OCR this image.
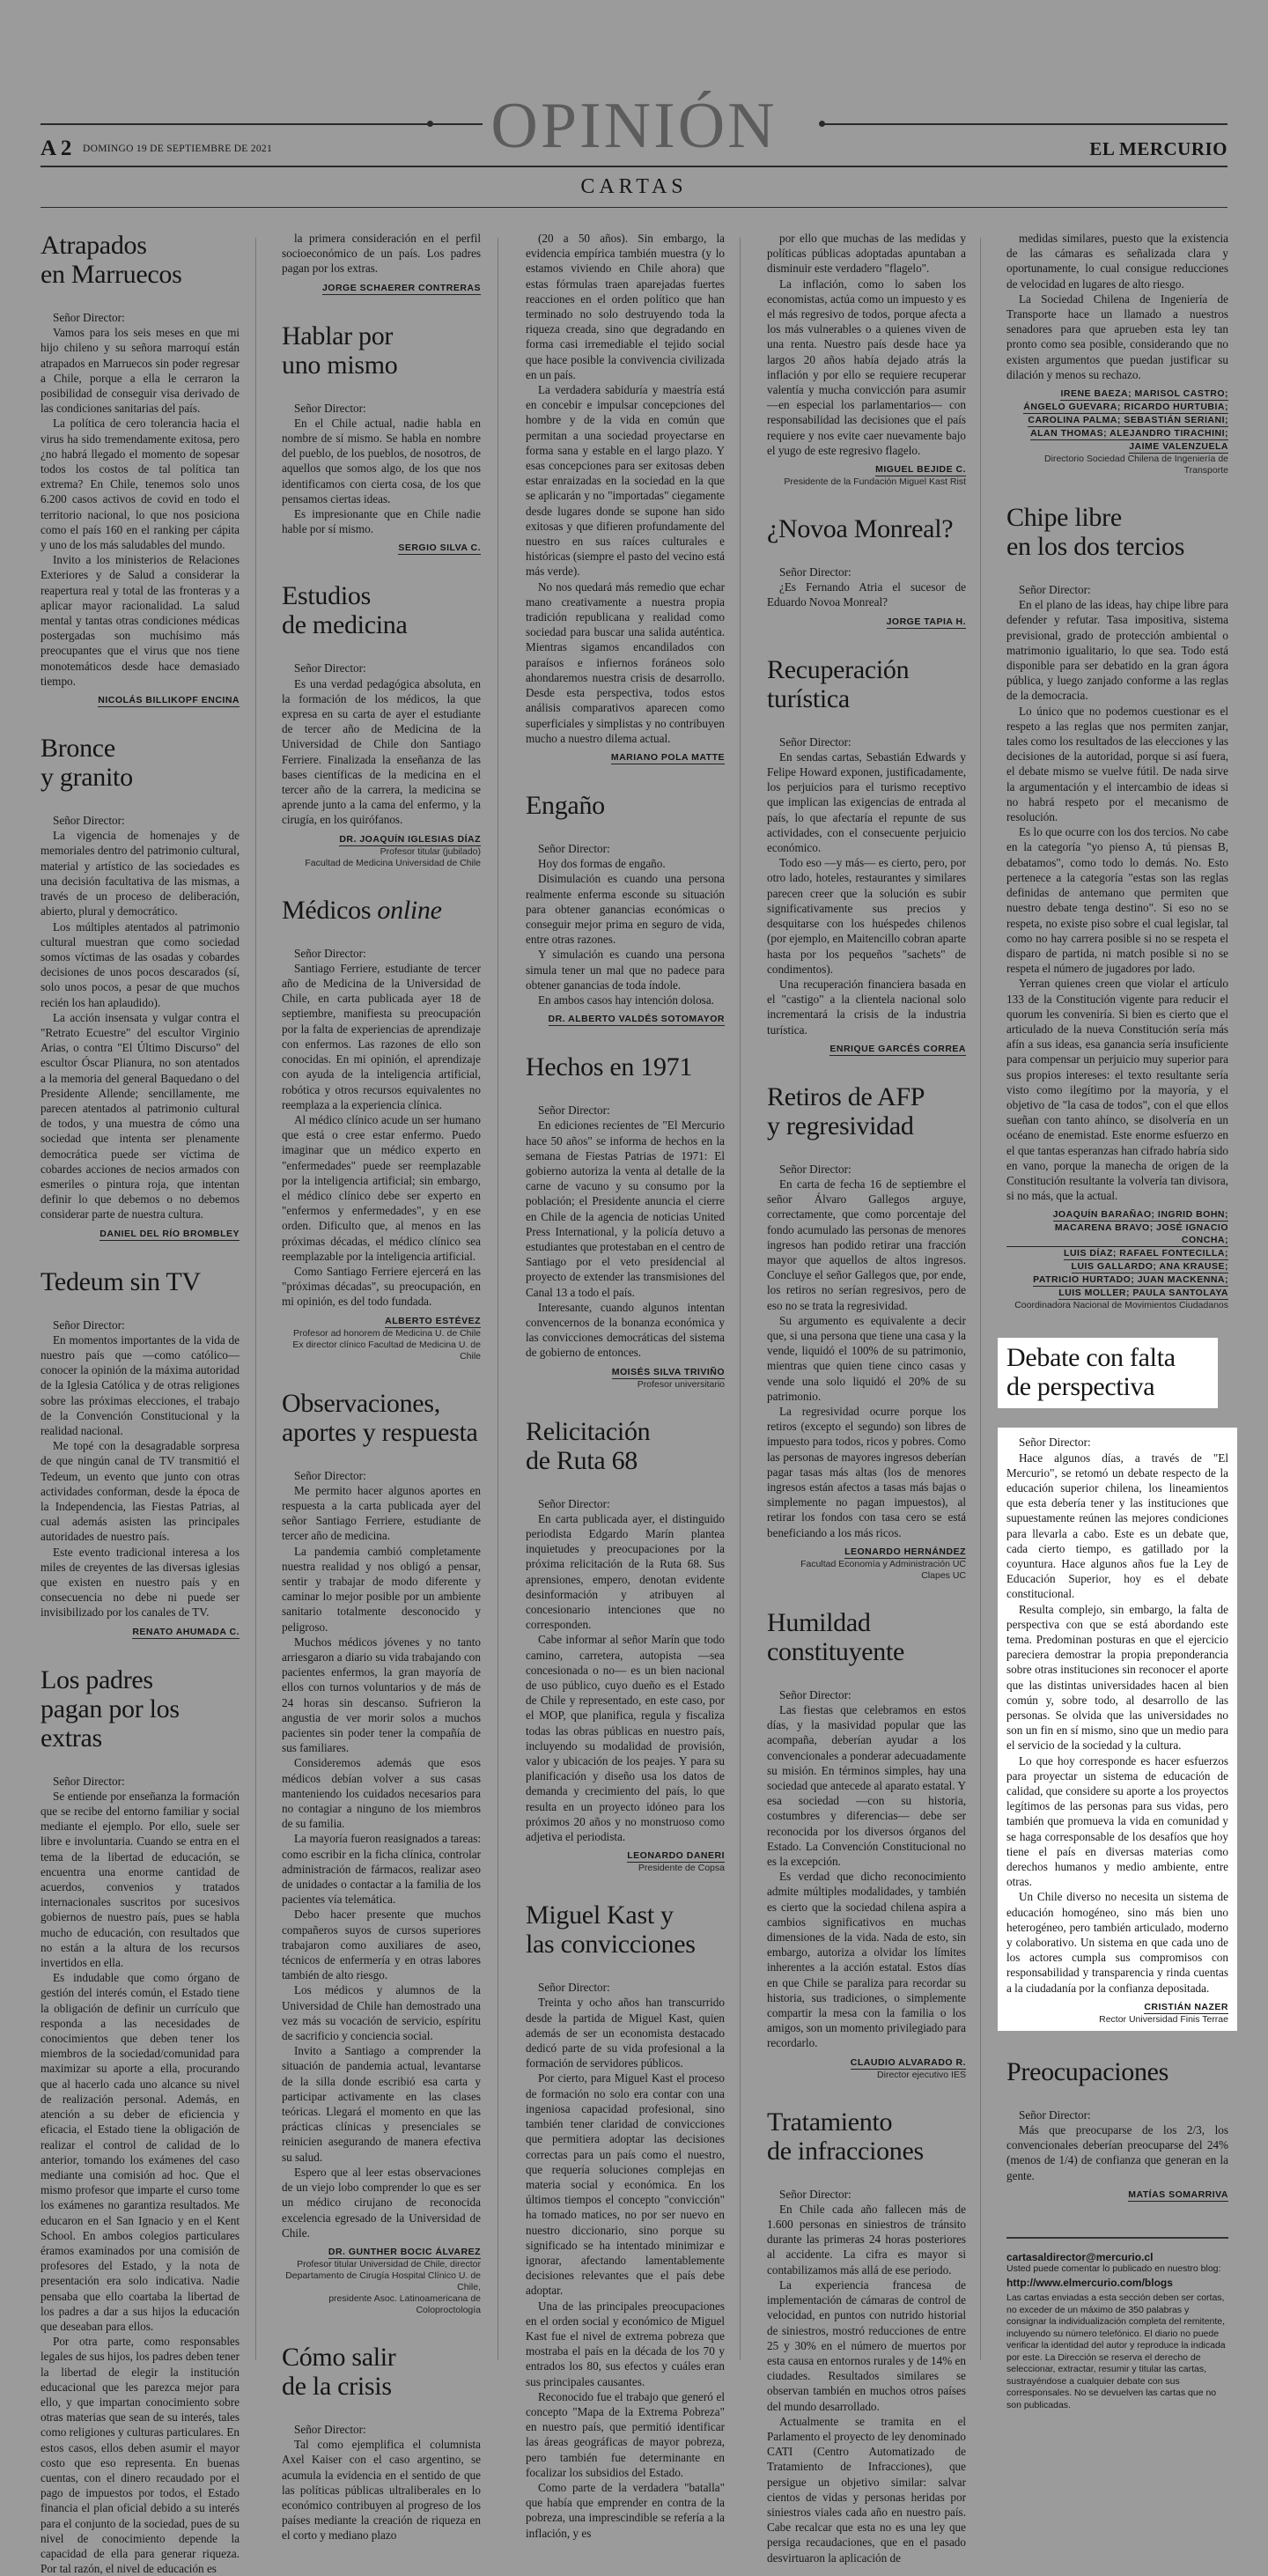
OPINIÓN
A 2 DOMINGO 19 DE SEPTIEMBRE DE 2021	EL MERCURIO
CARTAS
Atrapados
en Marruecos

Señor Director:

Vamos para los seis meses en que mi hijo chileno y su señora marroquí están atrapados en Marruecos sin poder regresar a Chile, porque a ella le cerraron la posibilidad de conseguir visa derivado de las condiciones sanitarias del país.

La política de cero tolerancia hacia el virus ha sido tremendamente exitosa, pero ¿no habrá llegado el momento de sopesar todos los costos de tal política tan extrema? En Chile, tenemos solo unos 6.200 casos activos de covid en todo el territorio nacional, lo que nos posiciona como el país 160 en el ranking per cápita y uno de los más saludables del mundo.

Invito a los ministerios de Relaciones Exteriores y de Salud a considerar la reapertura real y total de las fronteras y a aplicar mayor racionalidad. La salud mental y tantas otras condiciones médicas postergadas son muchísimo más preocupantes que el virus que nos tiene monotemáticos desde hace demasiado tiempo.

NICOLÁS BILLIKOPF ENCINA
Bronce
y granito

Señor Director:

La vigencia de homenajes y de memoriales dentro del patrimonio cultural, material y artístico de las sociedades es una decisión facultativa de las mismas, a través de un proceso de deliberación, abierto, plural y democrático.

Los múltiples atentados al patrimonio cultural muestran que como sociedad somos víctimas de las osadas y cobardes decisiones de unos pocos descarados (sí, solo unos pocos, a pesar de que muchos recién los han aplaudido).

La acción insensata y vulgar contra el "Retrato Ecuestre" del escultor Virginio Arias, o contra "El Último Discurso" del escultor Óscar Plianura, no son atentados a la memoria del general Baquedano o del Presidente Allende; sencillamente, me parecen atentados al patrimonio cultural de todos, y una muestra de cómo una sociedad que intenta ser plenamente democrática puede ser víctima de cobardes acciones de necios armados con esmeriles o pintura roja, que intentan definir lo que debemos o no debemos considerar parte de nuestra cultura.

DANIEL DEL RÍO BROMBLEY
Tedeum sin TV

Señor Director:

En momentos importantes de la vida de nuestro país que —como católico— conocer la opinión de la máxima autoridad de la Iglesia Católica y de otras religiones sobre las próximas elecciones, el trabajo de la Convención Constitucional y la realidad nacional.

Me topé con la desagradable sorpresa de que ningún canal de TV transmitió el Tedeum, un evento que junto con otras actividades conforman, desde la época de la Independencia, las Fiestas Patrias, al cual además asisten las principales autoridades de nuestro país.

Este evento tradicional interesa a los miles de creyentes de las diversas iglesias que existen en nuestro país y en consecuencia no debe ni puede ser invisibilizado por los canales de TV.

RENATO AHUMADA C.
Los padres
pagan por los extras

Señor Director:

Se entiende por enseñanza la formación que se recibe del entorno familiar y social mediante el ejemplo. Por ello, suele ser libre e involuntaria. Cuando se entra en el tema de la libertad de educación, se encuentra una enorme cantidad de acuerdos, convenios y tratados internacionales suscritos por sucesivos gobiernos de nuestro país, pues se habla mucho de educación, con resultados que no están a la altura de los recursos invertidos en ella.

Es indudable que como órgano de gestión del interés común, el Estado tiene la obligación de definir un currículo que responda a las necesidades de conocimientos que deben tener los miembros de la sociedad/comunidad para maximizar su aporte a ella, procurando que al hacerlo cada uno alcance su nivel de realización personal. Además, en atención a su deber de eficiencia y eficacia, el Estado tiene la obligación de realizar el control de calidad de lo anterior, tomando los exámenes del caso mediante una comisión ad hoc. Que el mismo profesor que imparte el curso tome los exámenes no garantiza resultados. Me educaron en el San Ignacio y en el Kent School. En ambos colegios particulares éramos examinados por una comisión de profesores del Estado, y la nota de presentación era solo indicativa. Nadie pensaba que ello coartaba la libertad de los padres a dar a sus hijos la educación que deseaban para ellos.

Por otra parte, como responsables legales de sus hijos, los padres deben tener la libertad de elegir la institución educacional que les parezca mejor para ello, y que impartan conocimiento sobre otras materias que sean de su interés, tales como religiones y culturas particulares. En estos casos, ellos deben asumir el mayor costo que eso representa. En buenas cuentas, con el dinero recaudado por el pago de impuestos por todos, el Estado financia el plan oficial debido a su interés para el conjunto de la sociedad, pues de su nivel de conocimiento depende la capacidad de ella para generar riqueza. Por tal razón, el nivel de educación es

la primera consideración en el perfil socioeconómico de un país. Los padres pagan por los extras.

JORGE SCHAERER CONTRERAS
Hablar por
uno mismo

Señor Director:

En el Chile actual, nadie habla en nombre de sí mismo. Se habla en nombre del pueblo, de los pueblos, de nosotros, de aquellos que somos algo, de los que nos identificamos con cierta cosa, de los que pensamos ciertas ideas.

Es impresionante que en Chile nadie hable por sí mismo.

SERGIO SILVA C.
Estudios
de medicina

Señor Director:

Es una verdad pedagógica absoluta, en la formación de los médicos, la que expresa en su carta de ayer el estudiante de tercer año de Medicina de la Universidad de Chile don Santiago Ferriere. Finalizada la enseñanza de las bases científicas de la medicina en el tercer año de la carrera, la medicina se aprende junto a la cama del enfermo, y la cirugía, en los quirófanos.

DR. JOAQUÍN IGLESIAS DÍAZ
Profesor titular (jubilado)
Facultad de Medicina Universidad de Chile
Médicos online

Señor Director:

Santiago Ferriere, estudiante de tercer año de Medicina de la Universidad de Chile, en carta publicada ayer 18 de septiembre, manifiesta su preocupación por la falta de experiencias de aprendizaje con enfermos. Las razones de ello son conocidas. En mi opinión, el aprendizaje con ayuda de la inteligencia artificial, robótica y otros recursos equivalentes no reemplaza a la experiencia clínica.

Al médico clínico acude un ser humano que está o cree estar enfermo. Puedo imaginar que un médico experto en "enfermedades" puede ser reemplazable por la inteligencia artificial; sin embargo, el médico clínico debe ser experto en "enfermos y enfermedades", y en ese orden. Dificulto que, al menos en las próximas décadas, el médico clínico sea reemplazable por la inteligencia artificial.

Como Santiago Ferriere ejercerá en las "próximas décadas", su preocupación, en mi opinión, es del todo fundada.

ALBERTO ESTÉVEZ
Profesor ad honorem de Medicina U. de Chile
Ex director clínico Facultad de Medicina U. de Chile
Observaciones,
aportes y respuesta

Señor Director:

Me permito hacer algunos aportes en respuesta a la carta publicada ayer del señor Santiago Ferriere, estudiante de tercer año de medicina.

La pandemia cambió completamente nuestra realidad y nos obligó a pensar, sentir y trabajar de modo diferente y caminar lo mejor posible por un ambiente sanitario totalmente desconocido y peligroso.

Muchos médicos jóvenes y no tanto arriesgaron a diario su vida trabajando con pacientes enfermos, la gran mayoría de ellos con turnos voluntarios y de más de 24 horas sin descanso. Sufrieron la angustia de ver morir solos a muchos pacientes sin poder tener la compañía de sus familiares.

Consideremos además que esos médicos debían volver a sus casas manteniendo los cuidados necesarios para no contagiar a ninguno de los miembros de su familia.

La mayoría fueron reasignados a tareas: como escribir en la ficha clínica, controlar administración de fármacos, realizar aseo de unidades o contactar a la familia de los pacientes vía telemática.

Debo hacer presente que muchos compañeros suyos de cursos superiores trabajaron como auxiliares de aseo, técnicos de enfermería y en otras labores también de alto riesgo.

Los médicos y alumnos de la Universidad de Chile han demostrado una vez más su vocación de servicio, espíritu de sacrificio y conciencia social.

Invito a Santiago a comprender la situación de pandemia actual, levantarse de la silla donde escribió esa carta y participar activamente en las clases teóricas. Llegará el momento en que las prácticas clínicas y presenciales se reinicien asegurando de manera efectiva su salud.

Espero que al leer estas observaciones de un viejo lobo comprender lo que es ser un médico cirujano de reconocida excelencia egresado de la Universidad de Chile.

DR. GUNTHER BOCIC ÁLVAREZ
Profesor titular Universidad de Chile, director
Departamento de Cirugía Hospital Clínico U. de Chile,
presidente Asoc. Latinoamericana de
Coloproctología
Cómo salir
de la crisis

Señor Director:

Tal como ejemplifica el columnista Axel Kaiser con el caso argentino, se acumula la evidencia en el sentido de que las políticas públicas ultraliberales en lo económico contribuyen al progreso de los países mediante la creación de riqueza en el corto y mediano plazo

(20 a 50 años). Sin embargo, la evidencia empírica también muestra (y lo estamos viviendo en Chile ahora) que estas fórmulas traen aparejadas fuertes reacciones en el orden político que han terminado no solo destruyendo toda la riqueza creada, sino que degradando en forma casi irremediable el tejido social que hace posible la convivencia civilizada en un país.

La verdadera sabiduría y maestría está en concebir e impulsar concepciones del hombre y de la vida en común que permitan a una sociedad proyectarse en forma sana y estable en el largo plazo. Y esas concepciones para ser exitosas deben estar enraizadas en la sociedad en la que se aplicarán y no "importadas" ciegamente desde lugares donde se supone han sido exitosas y que difieren profundamente del nuestro en sus raíces culturales e históricas (siempre el pasto del vecino está más verde).

No nos quedará más remedio que echar mano creativamente a nuestra propia tradición republicana y realidad como sociedad para buscar una salida auténtica. Mientras sigamos encandilados con paraísos e infiernos foráneos solo ahondaremos nuestra crisis de desarrollo. Desde esta perspectiva, todos estos análisis comparativos aparecen como superficiales y simplistas y no contribuyen mucho a nuestro dilema actual.

MARIANO POLA MATTE
Engaño

Señor Director:

Hoy dos formas de engaño.

Disimulación es cuando una persona realmente enferma esconde su situación para obtener ganancias económicas o conseguir mejor prima en seguro de vida, entre otras razones.

Y simulación es cuando una persona simula tener un mal que no padece para obtener ganancias de toda índole.

En ambos casos hay intención dolosa.

DR. ALBERTO VALDÉS SOTOMAYOR
Hechos en 1971

Señor Director:

En ediciones recientes de "El Mercurio hace 50 años" se informa de hechos en la semana de Fiestas Patrias de 1971: El gobierno autoriza la venta al detalle de la carne de vacuno y su consumo por la población; el Presidente anuncia el cierre en Chile de la agencia de noticias United Press International, y la policía detuvo a estudiantes que protestaban en el centro de Santiago por el veto presidencial al proyecto de extender las transmisiones del Canal 13 a todo el país.

Interesante, cuando algunos intentan convencernos de la bonanza económica y las convicciones democráticas del sistema de gobierno de entonces.

MOISÉS SILVA TRIVIÑO
Profesor universitario
Relicitación
de Ruta 68

Señor Director:

En carta publicada ayer, el distinguido periodista Edgardo Marín plantea inquietudes y preocupaciones por la próxima relicitación de la Ruta 68. Sus aprensiones, empero, denotan evidente desinformación y atribuyen al concesionario intenciones que no corresponden.

Cabe informar al señor Marín que todo camino, carretera, autopista —sea concesionada o no— es un bien nacional de uso público, cuyo dueño es el Estado de Chile y representado, en este caso, por el MOP, que planifica, regula y fiscaliza todas las obras públicas en nuestro país, incluyendo su modalidad de provisión, valor y ubicación de los peajes. Y para su planificación y diseño usa los datos de demanda y crecimiento del país, lo que resulta en un proyecto idóneo para los próximos 20 años y no monstruoso como adjetiva el periodista.

LEONARDO DANERI
Presidente de Copsa
Miguel Kast y
las convicciones

Señor Director:

Treinta y ocho años han transcurrido desde la partida de Miguel Kast, quien además de ser un economista destacado dedicó parte de su vida profesional a la formación de servidores públicos.

Por cierto, para Miguel Kast el proceso de formación no solo era contar con una ingeniosa capacidad profesional, sino también tener claridad de convicciones que permitiera adoptar las decisiones correctas para un país como el nuestro, que requería soluciones complejas en materia social y económica. En los últimos tiempos el concepto "convicción" ha tomado matices, no por ser nuevo en nuestro diccionario, sino porque su significado se ha intentado minimizar e ignorar, afectando lamentablemente decisiones relevantes que el país debe adoptar.

Una de las principales preocupaciones en el orden social y económico de Miguel Kast fue el nivel de extrema pobreza que mostraba el país en la década de los 70 y entrados los 80, sus efectos y cuáles eran sus principales causantes.

Reconocido fue el trabajo que generó el concepto "Mapa de la Extrema Pobreza" en nuestro país, que permitió identificar las áreas geográficas de mayor pobreza, pero también fue determinante en focalizar los subsidios del Estado.

Como parte de la verdadera "batalla" que había que emprender en contra de la pobreza, una imprescindible se refería a la inflación, y es

por ello que muchas de las medidas y políticas públicas adoptadas apuntaban a disminuir este verdadero "flagelo".

La inflación, como lo saben los economistas, actúa como un impuesto y es el más regresivo de todos, porque afecta a los más vulnerables o a quienes viven de una renta. Nuestro país desde hace ya largos 20 años había dejado atrás la inflación y por ello se requiere recuperar valentía y mucha convicción para asumir —en especial los parlamentarios— con responsabilidad las decisiones que el país requiere y nos evite caer nuevamente bajo el yugo de este regresivo flagelo.

MIGUEL BEJIDE C.
Presidente de la Fundación Miguel Kast Rist
¿Novoa Monreal?

Señor Director:

¿Es Fernando Atria el sucesor de Eduardo Novoa Monreal?

JORGE TAPIA H.
Recuperación
turística

Señor Director:

En sendas cartas, Sebastián Edwards y Felipe Howard exponen, justificadamente, los perjuicios para el turismo receptivo que implican las exigencias de entrada al país, lo que afectaría el repunte de sus actividades, con el consecuente perjuicio económico.

Todo eso —y más— es cierto, pero, por otro lado, hoteles, restaurantes y similares parecen creer que la solución es subir significativamente sus precios y desquitarse con los huéspedes chilenos (por ejemplo, en Maitencillo cobran aparte hasta por los pequeños "sachets" de condimentos).

Una recuperación financiera basada en el "castigo" a la clientela nacional solo incrementará la crisis de la industria turística.

ENRIQUE GARCÉS CORREA
Retiros de AFP
y regresividad

Señor Director:

En carta de fecha 16 de septiembre el señor Álvaro Gallegos arguye, correctamente, que como porcentaje del fondo acumulado las personas de menores ingresos han podido retirar una fracción mayor que aquellos de altos ingresos. Concluye el señor Gallegos que, por ende, los retiros no serían regresivos, pero de eso no se trata la regresividad.

Su argumento es equivalente a decir que, si una persona que tiene una casa y la vende, liquidó el 100% de su patrimonio, mientras que quien tiene cinco casas y vende una solo liquidó el 20% de su patrimonio.

La regresividad ocurre porque los retiros (excepto el segundo) son libres de impuesto para todos, ricos y pobres. Como las personas de mayores ingresos deberían pagar tasas más altas (los de menores ingresos están afectos a tasas más bajas o simplemente no pagan impuestos), al retirar los fondos con tasa cero se está beneficiando a los más ricos.

LEONARDO HERNÁNDEZ
Facultad Economía y Administración UC
Clapes UC
Humildad
constituyente

Señor Director:

Las fiestas que celebramos en estos días, y la masividad popular que las acompaña, deberían ayudar a los convencionales a ponderar adecuadamente su misión. En términos simples, hay una sociedad que antecede al aparato estatal. Y esa sociedad —con su historia, costumbres y diferencias— debe ser reconocida por los diversos órganos del Estado. La Convención Constitucional no es la excepción.

Es verdad que dicho reconocimiento admite múltiples modalidades, y también es cierto que la sociedad chilena aspira a cambios significativos en muchas dimensiones de la vida. Nada de esto, sin embargo, autoriza a olvidar los límites inherentes a la acción estatal. Estos días en que Chile se paraliza para recordar su historia, sus tradiciones, o simplemente compartir la mesa con la familia o los amigos, son un momento privilegiado para recordarlo.

CLAUDIO ALVARADO R.
Director ejecutivo IES
Tratamiento
de infracciones

Señor Director:

En Chile cada año fallecen más de 1.600 personas en siniestros de tránsito durante las primeras 24 horas posteriores al accidente. La cifra es mayor si contabilizamos más allá de ese periodo.

La experiencia francesa de implementación de cámaras de control de velocidad, en puntos con nutrido historial de siniestros, mostró reducciones de entre 25 y 30% en el número de muertos por esta causa en entornos rurales y de 14% en ciudades. Resultados similares se observan también en muchos otros países del mundo desarrollado.

Actualmente se tramita en el Parlamento el proyecto de ley denominado CATI (Centro Automatizado de Tratamiento de Infracciones), que persigue un objetivo similar: salvar cientos de vidas y personas heridas por siniestros viales cada año en nuestro país. Cabe recalcar que esta no es una ley que persiga recaudaciones, que en el pasado desvirtuaron la aplicación de

medidas similares, puesto que la existencia de las cámaras es señalizada clara y oportunamente, lo cual consigue reducciones de velocidad en lugares de alto riesgo.

La Sociedad Chilena de Ingeniería de Transporte hace un llamado a nuestros senadores para que aprueben esta ley tan pronto como sea posible, considerando que no existen argumentos que puedan justificar su dilación y menos su rechazo.

IRENE BAEZA; MARISOL CASTRO;
ÁNGELO GUEVARA; RICARDO HURTUBIA;
CAROLINA PALMA; SEBASTIÁN SERIANI;
ALAN THOMAS; ALEJANDRO TIRACHINI;
JAIME VALENZUELA
Directorio Sociedad Chilena de Ingeniería de
Transporte
Chipe libre
en los dos tercios

Señor Director:

En el plano de las ideas, hay chipe libre para defender y refutar. Tasa impositiva, sistema previsional, grado de protección ambiental o matrimonio igualitario, lo que sea. Todo está disponible para ser debatido en la gran ágora pública, y luego zanjado conforme a las reglas de la democracia.

Lo único que no podemos cuestionar es el respeto a las reglas que nos permiten zanjar, tales como los resultados de las elecciones y las decisiones de la autoridad, porque si así fuera, el debate mismo se vuelve fútil. De nada sirve la argumentación y el intercambio de ideas si no habrá respeto por el mecanismo de resolución.

Es lo que ocurre con los dos tercios. No cabe en la categoría "yo pienso A, tú piensas B, debatamos", como todo lo demás. No. Esto pertenece a la categoría "estas son las reglas definidas de antemano que permiten que nuestro debate tenga destino". Si eso no se respeta, no existe piso sobre el cual legislar, tal como no hay carrera posible si no se respeta el disparo de partida, ni match posible si no se respeta el número de jugadores por lado.

Yerran quienes creen que violar el artículo 133 de la Constitución vigente para reducir el quorum les conveniría. Si bien es cierto que el articulado de la nueva Constitución sería más afín a sus ideas, esa ganancia sería insuficiente para compensar un perjuicio muy superior para sus propios intereses: el texto resultante sería visto como ilegítimo por la mayoría, y el objetivo de "la casa de todos", con el que ellos sueñan con tanto ahínco, se disolvería en un océano de enemistad. Este enorme esfuerzo en el que tantas esperanzas han cifrado habría sido en vano, porque la manecha de origen de la Constitución resultante la volvería tan divisora, si no más, que la actual.

JOAQUÍN BARAÑAO; INGRID BOHN;
MACARENA BRAVO; JOSÉ IGNACIO CONCHA;
LUIS DÍAZ; RAFAEL FONTECILLA;
LUIS GALLARDO; ANA KRAUSE;
PATRICIO HURTADO; JUAN MACKENNA;
LUIS MOLLER; PAULA SANTOLAYA
Coordinadora Nacional de Movimientos Ciudadanos
Debate con falta
de perspectiva

Señor Director:

Hace algunos días, a través de "El Mercurio", se retomó un debate respecto de la educación superior chilena, los lineamientos que esta debería tener y las instituciones que supuestamente reúnen las mejores condiciones para llevarla a cabo. Este es un debate que, cada cierto tiempo, es gatillado por la coyuntura. Hace algunos años fue la Ley de Educación Superior, hoy es el debate constitucional.

Resulta complejo, sin embargo, la falta de perspectiva con que se está abordando este tema. Predominan posturas en que el ejercicio pareciera demostrar la propia preponderancia sobre otras instituciones sin reconocer el aporte que las distintas universidades hacen al bien común y, sobre todo, al desarrollo de las personas. Se olvida que las universidades no son un fin en sí mismo, sino que un medio para el servicio de la sociedad y la cultura.

Lo que hoy corresponde es hacer esfuerzos para proyectar un sistema de educación de calidad, que considere su aporte a los proyectos legítimos de las personas para sus vidas, pero también que promueva la vida en comunidad y se haga corresponsable de los desafíos que hoy tiene el país en diversas materias como derechos humanos y medio ambiente, entre otras.

Un Chile diverso no necesita un sistema de educación homogéneo, sino más bien uno heterogéneo, pero también articulado, moderno y colaborativo. Un sistema en que cada uno de los actores cumpla sus compromisos con responsabilidad y transparencia y rinda cuentas a la ciudadanía por la confianza depositada.

CRISTIÁN NAZER
Rector Universidad Finis Terrae
Preocupaciones

Señor Director:

Más que preocuparse de los 2/3, los convencionales deberían preocuparse del 24% (menos de 1/4) de confianza que generan en la gente.

MATÍAS SOMARRIVA
cartasaldirector@mercurio.cl
Usted puede comentar lo publicado en nuestro blog:
http://www.elmercurio.com/blogs
Las cartas enviadas a esta sección deben ser cortas, no exceder de un máximo de 350 palabras y consignar la individualización completa del remitente, incluyendo su número telefónico. El diario no puede verificar la identidad del autor y reproduce la indicada por este. La Dirección se reserva el derecho de seleccionar, extractar, resumir y titular las cartas, sustrayéndose a cualquier debate con sus corresponsales. No se devuelven las cartas que no son publicadas.
